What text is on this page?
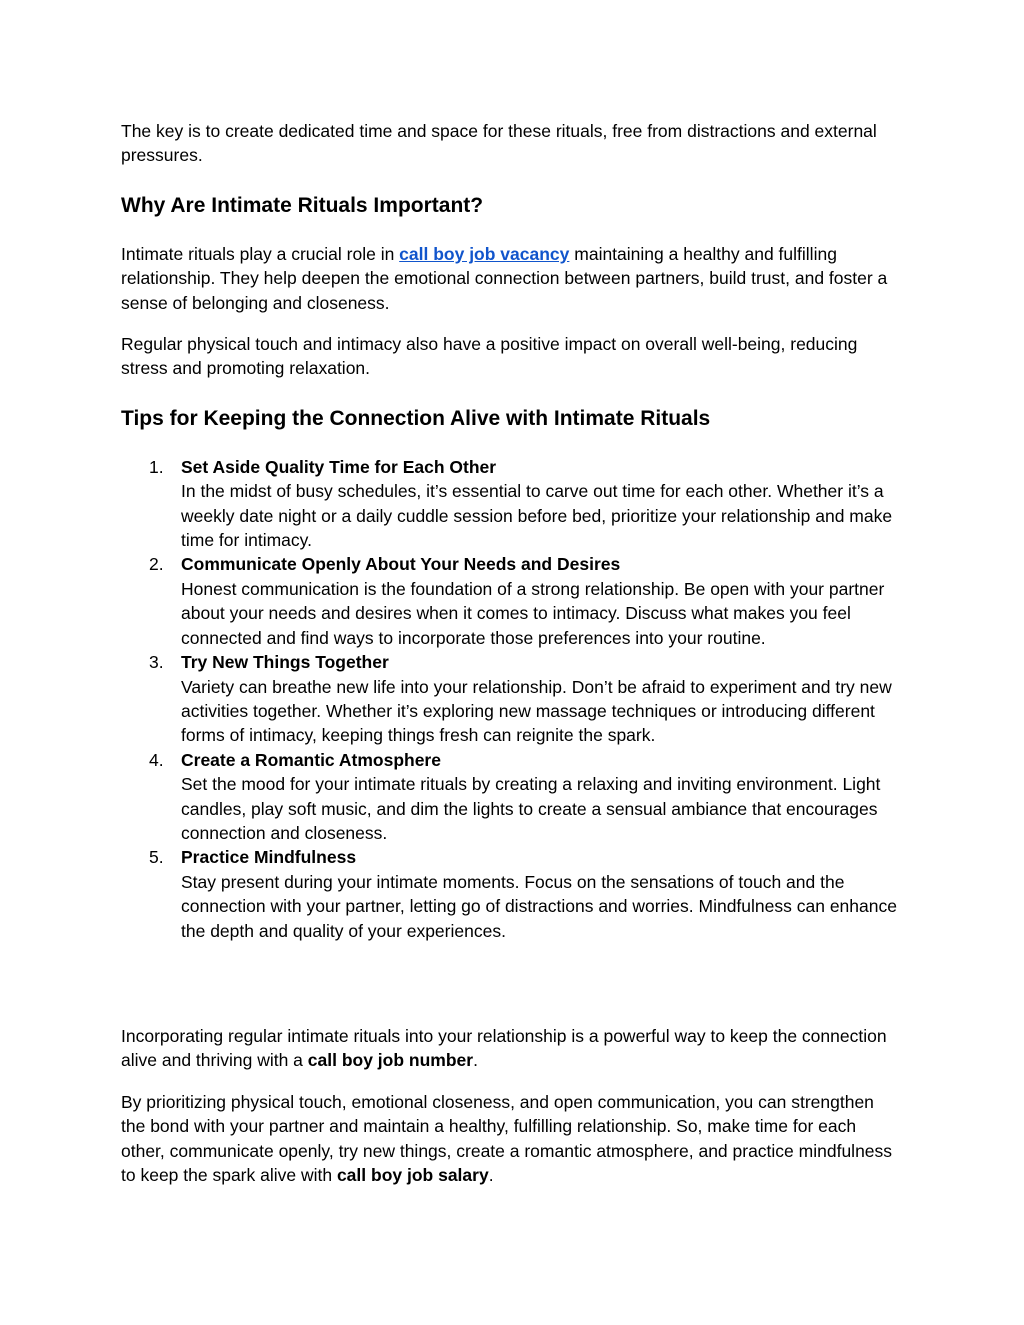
The key is to create dedicated time and space for these rituals, free from distractions and external pressures.

Why Are Intimate Rituals Important?

Intimate rituals play a crucial role in call boy job vacancy maintaining a healthy and fulfilling relationship. They help deepen the emotional connection between partners, build trust, and foster a sense of belonging and closeness.

Regular physical touch and intimacy also have a positive impact on overall well-being, reducing stress and promoting relaxation.

Tips for Keeping the Connection Alive with Intimate Rituals
1. Set Aside Quality Time for Each Other
In the midst of busy schedules, it’s essential to carve out time for each other. Whether it’s a weekly date night or a daily cuddle session before bed, prioritize your relationship and make time for intimacy.
2. Communicate Openly About Your Needs and Desires
Honest communication is the foundation of a strong relationship. Be open with your partner about your needs and desires when it comes to intimacy. Discuss what makes you feel connected and find ways to incorporate those preferences into your routine.
3. Try New Things Together
Variety can breathe new life into your relationship. Don’t be afraid to experiment and try new activities together. Whether it’s exploring new massage techniques or introducing different forms of intimacy, keeping things fresh can reignite the spark.
4. Create a Romantic Atmosphere
Set the mood for your intimate rituals by creating a relaxing and inviting environment. Light candles, play soft music, and dim the lights to create a sensual ambiance that encourages connection and closeness.
5. Practice Mindfulness
Stay present during your intimate moments. Focus on the sensations of touch and the connection with your partner, letting go of distractions and worries. Mindfulness can enhance the depth and quality of your experiences.

Incorporating regular intimate rituals into your relationship is a powerful way to keep the connection alive and thriving with a call boy job number.

By prioritizing physical touch, emotional closeness, and open communication, you can strengthen the bond with your partner and maintain a healthy, fulfilling relationship. So, make time for each other, communicate openly, try new things, create a romantic atmosphere, and practice mindfulness to keep the spark alive with call boy job salary.
